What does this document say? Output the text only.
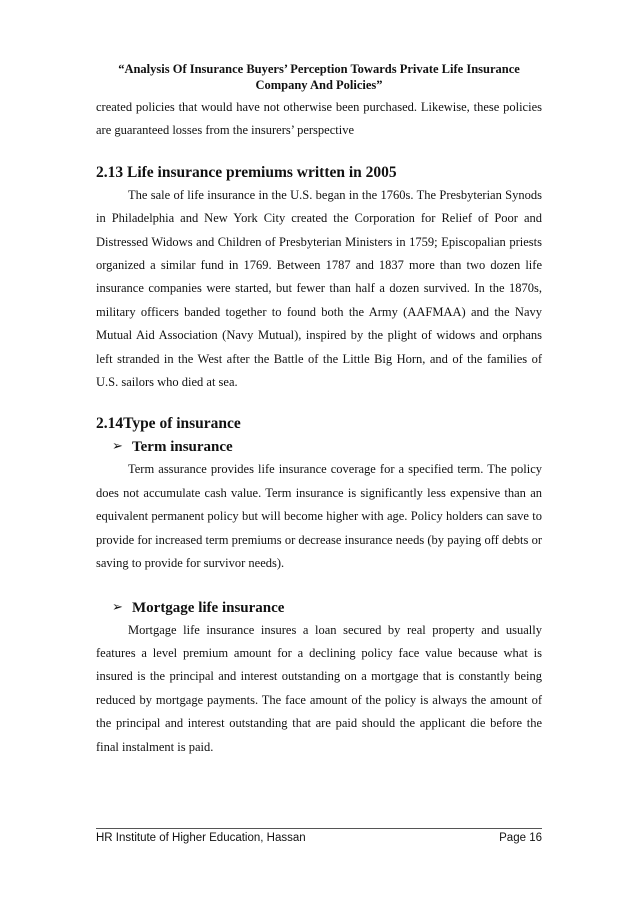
“Analysis Of Insurance Buyers’ Perception Towards Private Life Insurance
Company And Policies”

created policies that would have not otherwise been purchased. Likewise, these policies are guaranteed losses from the insurers’ perspective

2.13 Life insurance premiums written in 2005

The sale of life insurance in the U.S. began in the 1760s. The Presbyterian Synods in Philadelphia and New York City created the Corporation for Relief of Poor and Distressed Widows and Children of Presbyterian Ministers in 1759; Episcopalian priests organized a similar fund in 1769. Between 1787 and 1837 more than two dozen life insurance companies were started, but fewer than half a dozen survived. In the 1870s, military officers banded together to found both the Army (AAFMAA) and the Navy Mutual Aid Association (Navy Mutual), inspired by the plight of widows and orphans left stranded in the West after the Battle of the Little Big Horn, and of the families of U.S. sailors who died at sea.

2.14Type of insurance
➢ Term insurance

Term assurance provides life insurance coverage for a specified term. The policy does not accumulate cash value. Term insurance is significantly less expensive than an equivalent permanent policy but will become higher with age. Policy holders can save to provide for increased term premiums or decrease insurance needs (by paying off debts or saving to provide for survivor needs).

➢ Mortgage life insurance

Mortgage life insurance insures a loan secured by real property and usually features a level premium amount for a declining policy face value because what is insured is the principal and interest outstanding on a mortgage that is constantly being reduced by mortgage payments. The face amount of the policy is always the amount of the principal and interest outstanding that are paid should the applicant die before the final instalment is paid.

HR Institute of Higher Education, Hassan	Page 16
